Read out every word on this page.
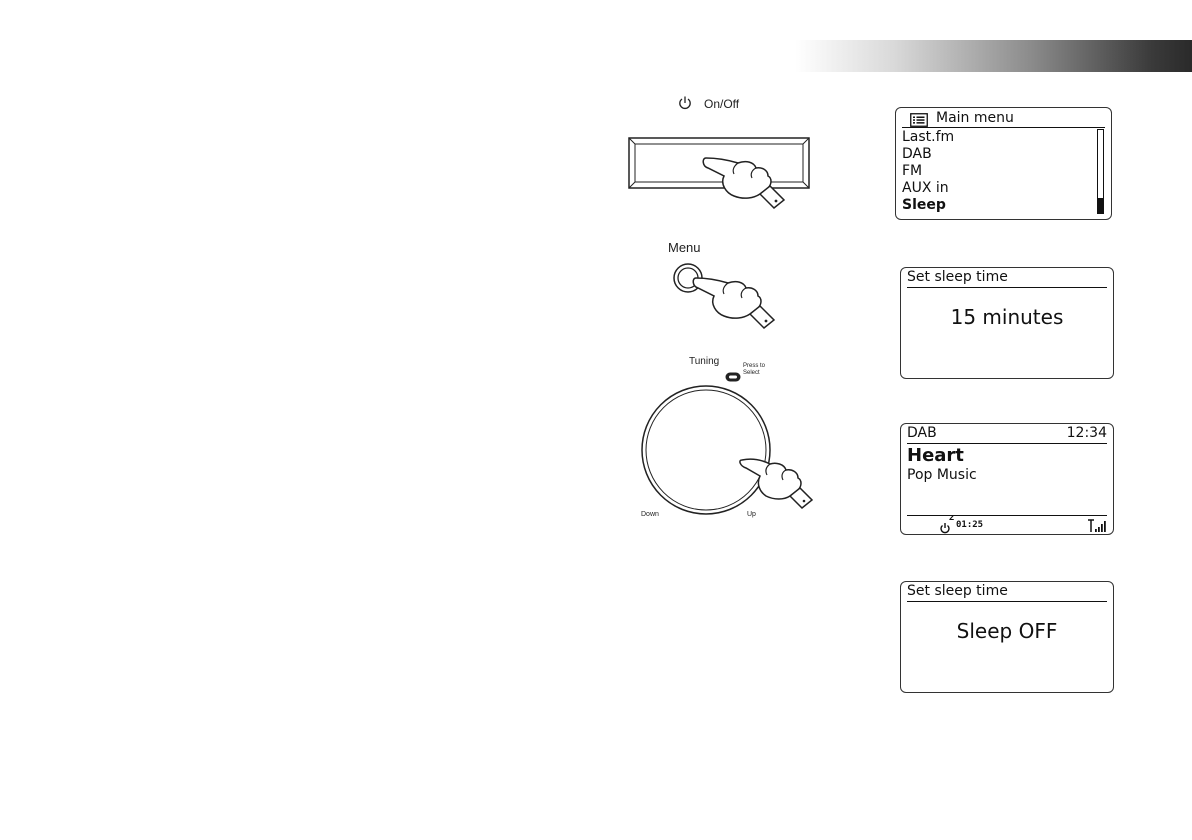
On/Off
Menu
Tuning	Press to
Select
Down	Up
Main menu
Last.fm
DAB
FM
AUX in
Sleep
Set sleep time
15 minutes
DAB	12:34
Heart
Pop Music
Z
01:25
Set sleep time
Sleep OFF
